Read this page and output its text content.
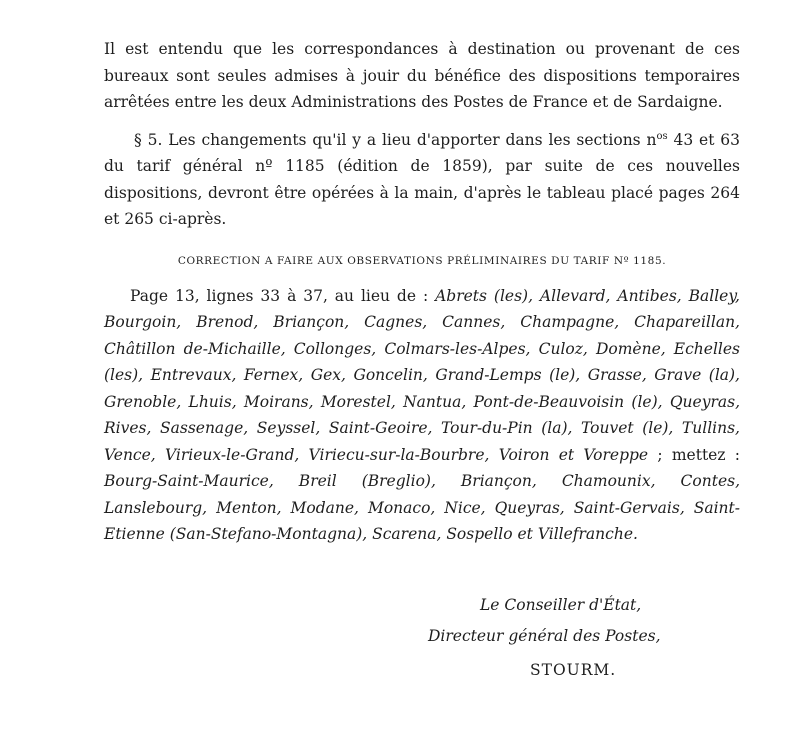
Il est entendu que les correspondances à destination ou provenant de ces bureaux sont seules admises à jouir du bénéfice des dispositions temporaires arrêtées entre les deux Administrations des Postes de France et de Sardaigne.

§ 5. Les changements qu'il y a lieu d'apporter dans les sections $n^{os}$ 43 et 63 du tarif général nº 1185 (édition de 1859), par suite de ces nouvelles dispositions, devront être opérées à la main, d'après le tableau placé pages 264 et 265 ci-après.

CORRECTION A FAIRE AUX OBSERVATIONS PRÉLIMINAIRES DU TARIF Nº 1185.

Page 13, lignes 33 à 37, au lieu de : Abrets (les), Allevard, Antibes, Balley, Bourgoin, Brenod, Briançon, Cagnes, Cannes, Champagne, Chapareillan, Châtillon de-Michaille, Collonges, Colmars-les-Alpes, Culoz, Domène, Echelles (les), Entrevaux, Fernex, Gex, Goncelin, Grand-Lemps (le), Grasse, Grave (la), Grenoble, Lhuis, Moirans, Morestel, Nantua, Pont-de-Beauvoisin (le), Queyras, Rives, Sassenage, Seyssel, Saint-Geoire, Tour-du-Pin (la), Touvet (le), Tullins, Vence, Virieux-le-Grand, Viriecu-sur-la-Bourbre, Voiron et Voreppe ; mettez : Bourg-Saint-Maurice, Breil (Breglio), Briançon, Chamounix, Contes, Lanslebourg, Menton, Modane, Monaco, Nice, Queyras, Saint-Gervais, Saint-Etienne (San-Stefano-Montagna), Scarena, Sospello et Villefranche.

Le Conseiller d'État,
Directeur général des Postes,
STOURM.
